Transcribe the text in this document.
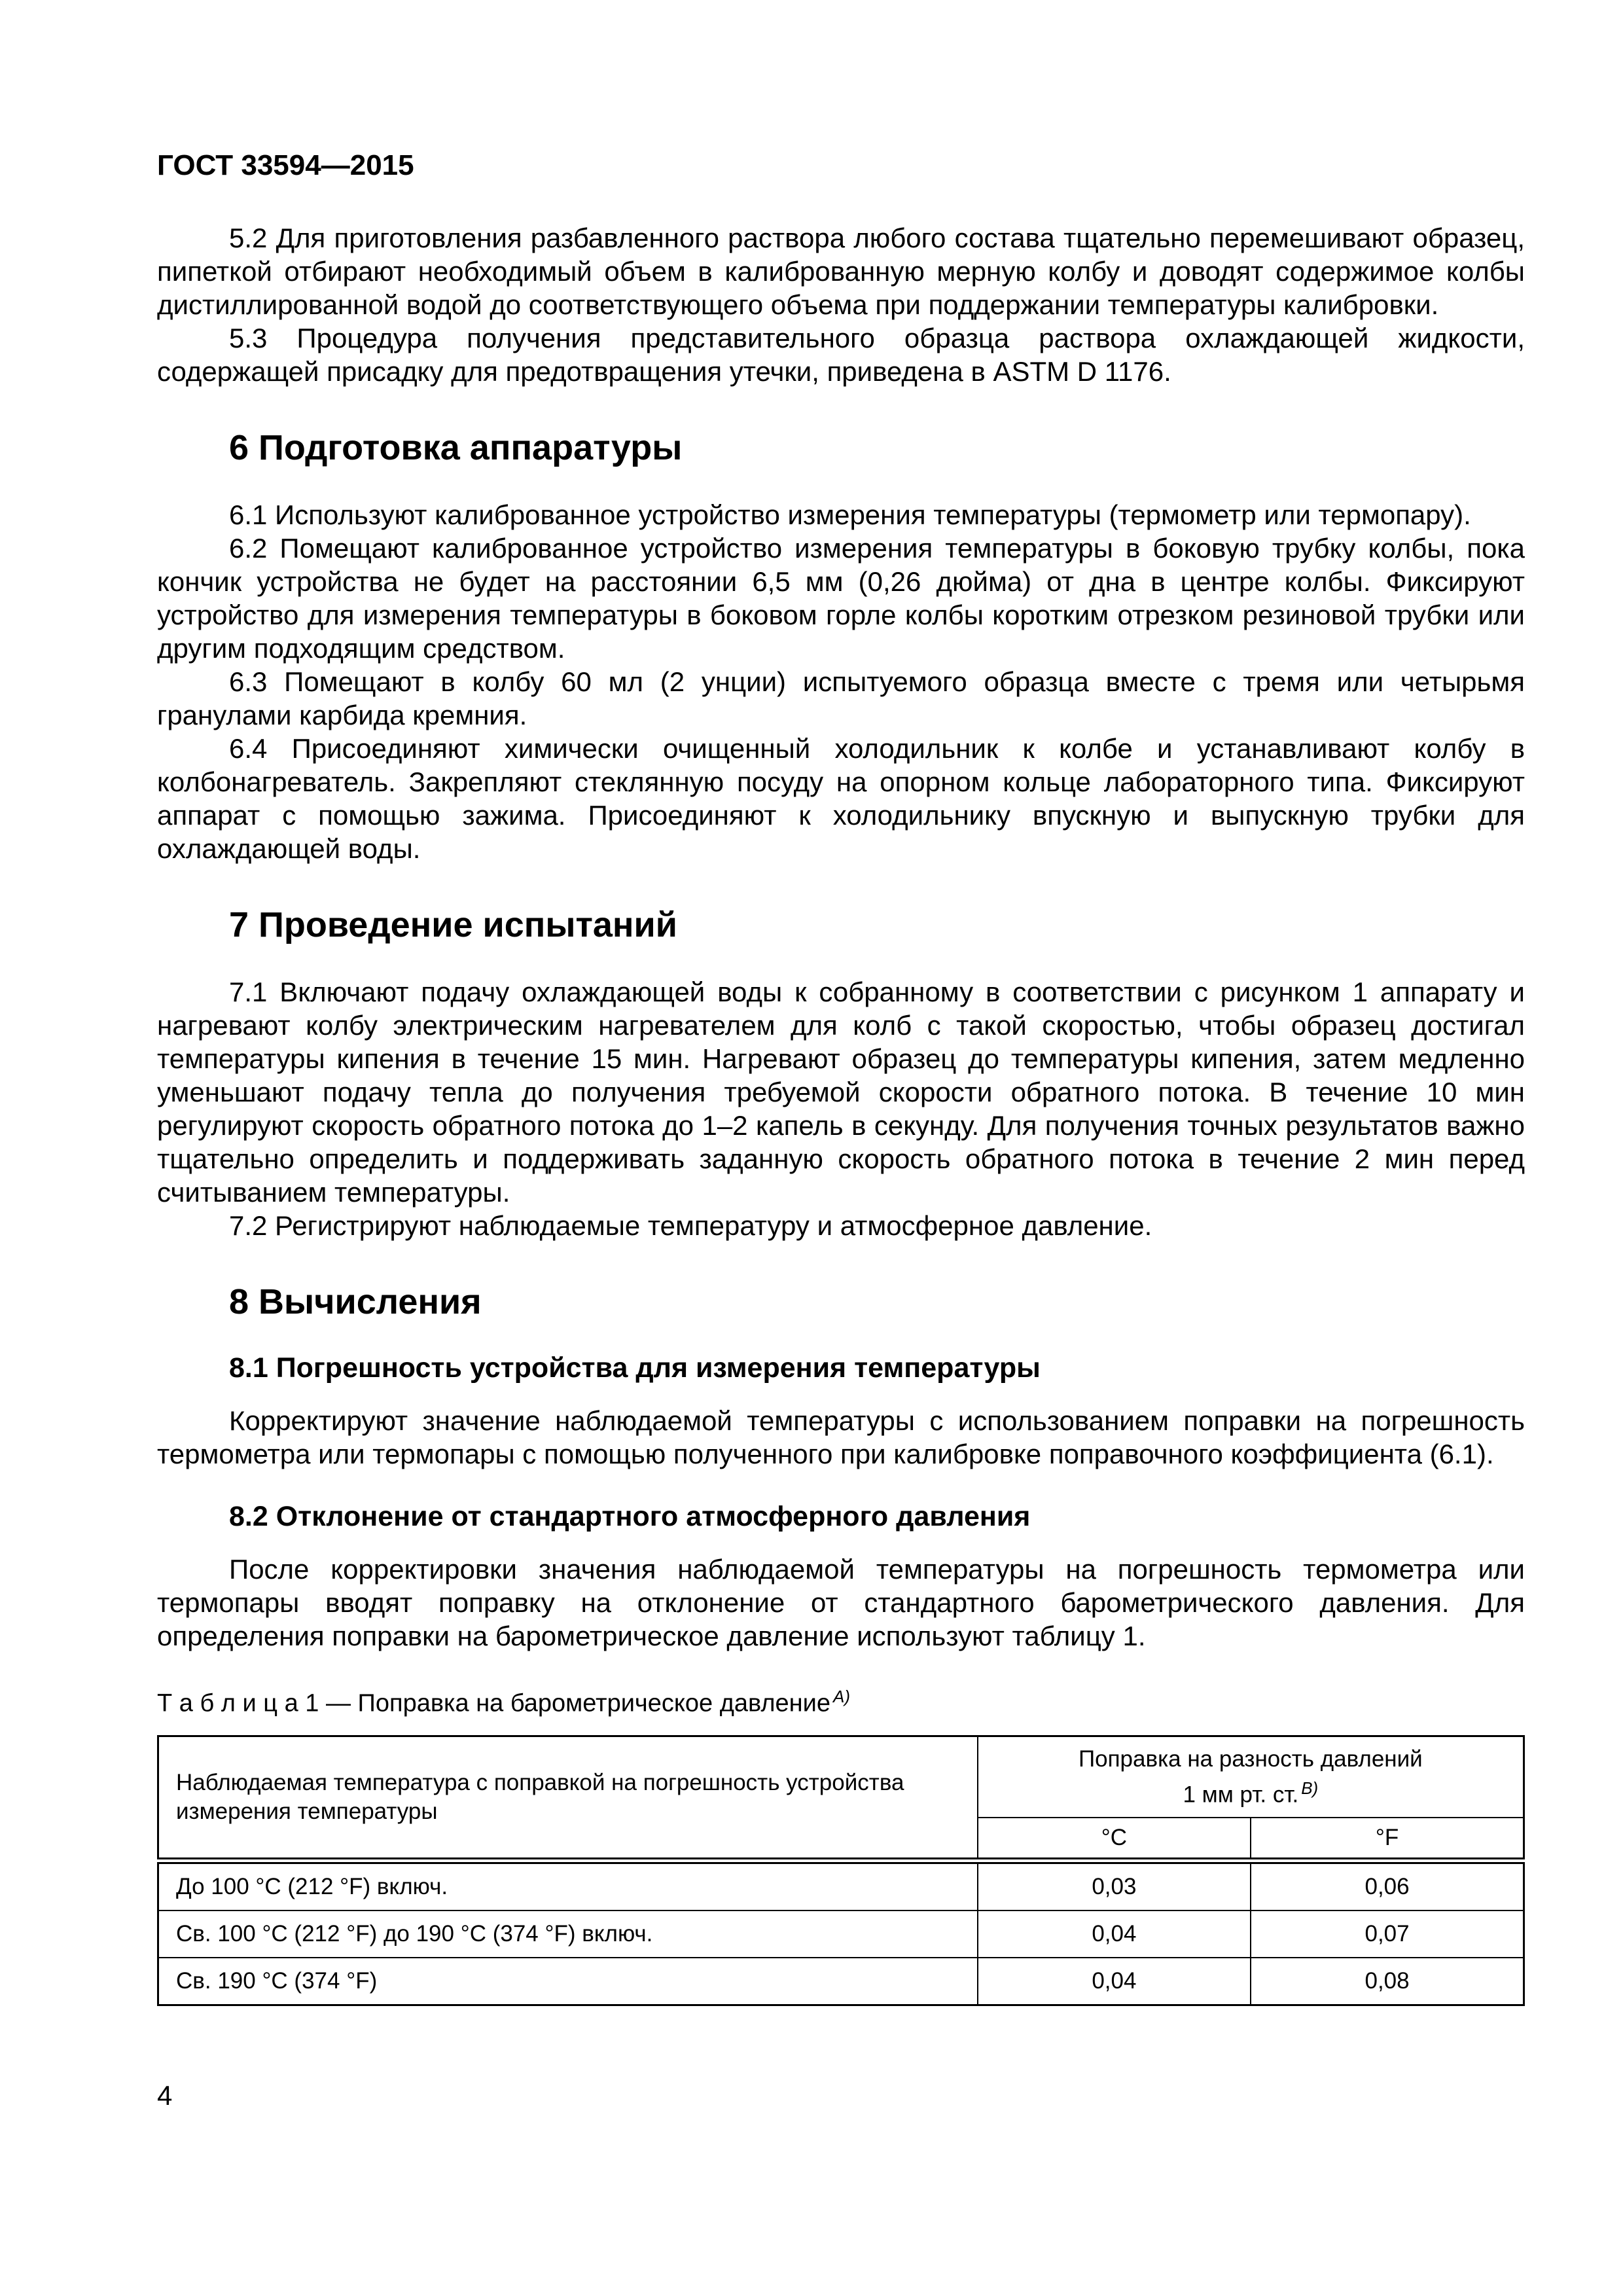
ГОСТ 33594—2015

5.2 Для приготовления разбавленного раствора любого состава тщательно перемешивают образец, пипеткой отбирают необходимый объем в калиброванную мерную колбу и доводят содержимое колбы дистиллированной водой до соответствующего объема при поддержании температуры калибровки.

5.3 Процедура получения представительного образца раствора охлаждающей жидкости, содержащей присадку для предотвращения утечки, приведена в ASTM D 1176.

6 Подготовка аппаратуры

6.1 Используют калиброванное устройство измерения температуры (термометр или термопару).

6.2 Помещают калиброванное устройство измерения температуры в боковую трубку колбы, пока кончик устройства не будет на расстоянии 6,5 мм (0,26 дюйма) от дна в центре колбы. Фиксируют устройство для измерения температуры в боковом горле колбы коротким отрезком резиновой трубки или другим подходящим средством.

6.3 Помещают в колбу 60 мл (2 унции) испытуемого образца вместе с тремя или четырьмя гранулами карбида кремния.

6.4 Присоединяют химически очищенный холодильник к колбе и устанавливают колбу в колбонагреватель. Закрепляют стеклянную посуду на опорном кольце лабораторного типа. Фиксируют аппарат с помощью зажима. Присоединяют к холодильнику впускную и выпускную трубки для охлаждающей воды.

7 Проведение испытаний

7.1 Включают подачу охлаждающей воды к собранному в соответствии с рисунком 1 аппарату и нагревают колбу электрическим нагревателем для колб с такой скоростью, чтобы образец достигал температуры кипения в течение 15 мин. Нагревают образец до температуры кипения, затем медленно уменьшают подачу тепла до получения требуемой скорости обратного потока. В течение 10 мин регулируют скорость обратного потока до 1–2 капель в секунду. Для получения точных результатов важно тщательно определить и поддерживать заданную скорость обратного потока в течение 2 мин перед считыванием температуры.

7.2 Регистрируют наблюдаемые температуру и атмосферное давление.

8 Вычисления
8.1 Погрешность устройства для измерения температуры

Корректируют значение наблюдаемой температуры с использованием поправки на погрешность термометра или термопары с помощью полученного при калибровке поправочного коэффициента (6.1).

8.2 Отклонение от стандартного атмосферного давления

После корректировки значения наблюдаемой температуры на погрешность термометра или термопары вводят поправку на отклонение от стандартного барометрического давления. Для определения поправки на барометрическое давление используют таблицу 1.

Т а б л и ц а 1 — Поправка на барометрическое давление $^{А)}$

Наблюдаемая температура с поправкой на погрешность устройства измерения температуры	Поправка на разность давлений
1 мм рт. ст. $^{В)}$
	°С	°F
До 100 °С (212 °F) включ.	0,03	0,06
Св. 100 °С (212 °F) до 190 °С (374 °F) включ.	0,04	0,07
Св. 190 °С (374 °F)	0,04	0,08
4
